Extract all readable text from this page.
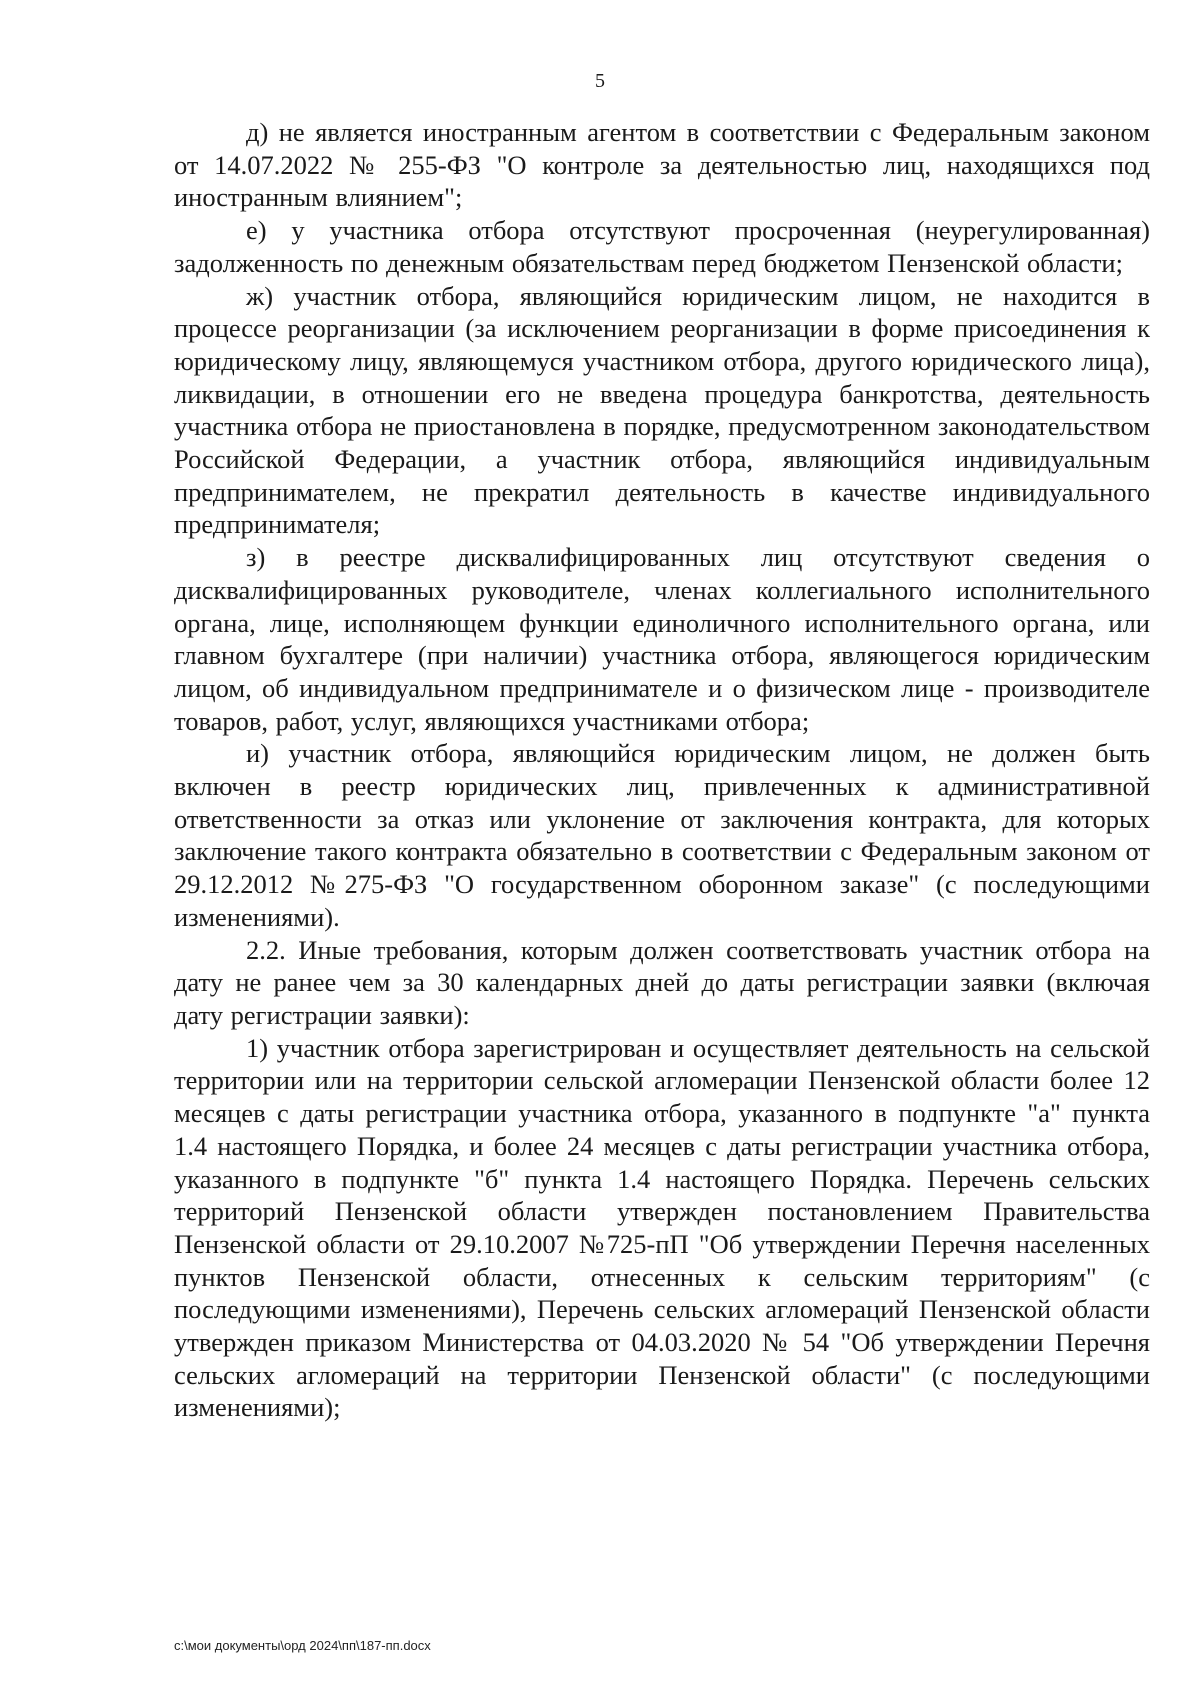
5

д) не является иностранным агентом в соответствии с Федеральным законом от 14.07.2022 № 255-ФЗ "О контроле за деятельностью лиц, находящихся под иностранным влиянием";

е) у участника отбора отсутствуют просроченная (неурегулированная) задолженность по денежным обязательствам перед бюджетом Пензенской области;

ж) участник отбора, являющийся юридическим лицом, не находится в процессе реорганизации (за исключением реорганизации в форме присоединения к юридическому лицу, являющемуся участником отбора, другого юридического лица), ликвидации, в отношении его не введена процедура банкротства, деятельность участника отбора не приостановлена в порядке, предусмотренном законодательством Российской Федерации, а участник отбора, являющийся индивидуальным предпринимателем, не прекратил деятельность в качестве индивидуального предпринимателя;

з) в реестре дисквалифицированных лиц отсутствуют сведения о дисквалифицированных руководителе, членах коллегиального исполнительного органа, лице, исполняющем функции единоличного исполнительного органа, или главном бухгалтере (при наличии) участника отбора, являющегося юридическим лицом, об индивидуальном предпринимателе и о физическом лице - производителе товаров, работ, услуг, являющихся участниками отбора;

и) участник отбора, являющийся юридическим лицом, не должен быть включен в реестр юридических лиц, привлеченных к административной ответственности за отказ или уклонение от заключения контракта, для которых заключение такого контракта обязательно в соответствии с Федеральным законом от 29.12.2012 №275-ФЗ "О государственном оборонном заказе" (с последующими изменениями).

2.2. Иные требования, которым должен соответствовать участник отбора на дату не ранее чем за 30 календарных дней до даты регистрации заявки (включая дату регистрации заявки):

1) участник отбора зарегистрирован и осуществляет деятельность на сельской территории или на территории сельской агломерации Пензенской области более 12 месяцев с даты регистрации участника отбора, указанного в подпункте "а" пункта 1.4 настоящего Порядка, и более 24 месяцев с даты регистрации участника отбора, указанного в подпункте "б" пункта 1.4 настоящего Порядка. Перечень сельских территорий Пензенской области утвержден постановлением Правительства Пензенской области от 29.10.2007 №725-пП "Об утверждении Перечня населенных пунктов Пензенской области, отнесенных к сельским территориям" (с последующими изменениями), Перечень сельских агломераций Пензенской области утвержден приказом Министерства от 04.03.2020 № 54 "Об утверждении Перечня сельских агломераций на территории Пензенской области" (с последующими изменениями);

c:\мои документы\орд 2024\пп\187-пп.docx
